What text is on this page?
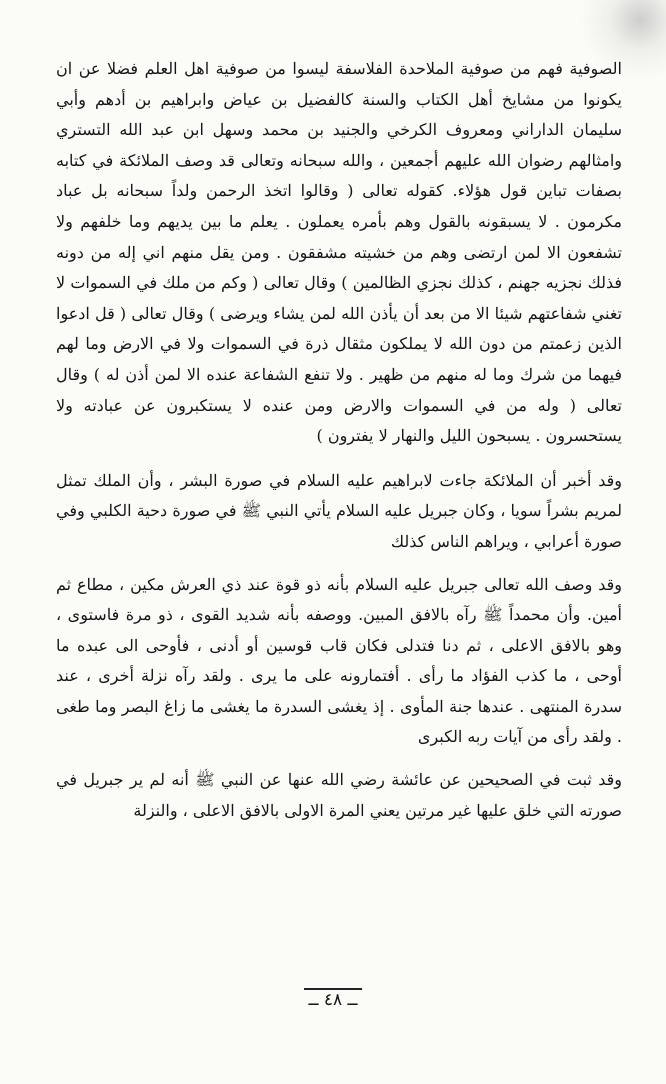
الصوفية فهم من صوفية الملاحدة الفلاسفة ليسوا من صوفية اهل العلم فضلا عن ان يكونوا من مشايخ أهل الكتاب والسنة كالفضيل بن عياض وابراهيم بن أدهم وأبي سليمان الداراني ومعروف الكرخي والجنيد بن محمد وسهل ابن عبد الله التستري وامثالهم رضوان الله عليهم أجمعين ، والله سبحانه وتعالى قد وصف الملائكة في كتابه بصفات تباين قول هؤلاء. كقوله تعالى ( وقالوا اتخذ الرحمن ولداً سبحانه بل عباد مكرمون . لا يسبقونه بالقول وهم بأمره يعملون . يعلم ما بين يديهم وما خلفهم ولا تشفعون الا لمن ارتضى وهم من خشيته مشفقون . ومن يقل منهم اني إله من دونه فذلك نجزيه جهنم ، كذلك نجزي الظالمين ) وقال تعالى ( وكم من ملك في السموات لا تغني شفاعتهم شيئا الا من بعد أن يأذن الله لمن يشاء ويرضى ) وقال تعالى ( قل ادعوا الذين زعمتم من دون الله لا يملكون مثقال ذرة في السموات ولا في الارض وما لهم فيهما من شرك وما له منهم من ظهير . ولا تنفع الشفاعة عنده الا لمن أذن له ) وقال تعالى ( وله من في السموات والارض ومن عنده لا يستكبرون عن عبادته ولا يستحسرون . يسبحون الليل والنهار لا يفترون )

وقد أخبر أن الملائكة جاءت لابراهيم عليه السلام في صورة البشر ، وأن الملك تمثل لمريم بشراً سويا ، وكان جبريل عليه السلام يأتي النبي ﷺ في صورة دحية الكلبي وفي صورة أعرابي ، ويراهم الناس كذلك

وقد وصف الله تعالى جبريل عليه السلام بأنه ذو قوة عند ذي العرش مكين ، مطاع ثم أمين. وأن محمداً ﷺ رآه بالافق المبين. ووصفه بأنه شديد القوى ، ذو مرة فاستوى ، وهو بالافق الاعلى ، ثم دنا فتدلى فكان قاب قوسين أو أدنى ، فأوحى الى عبده ما أوحى ، ما كذب الفؤاد ما رأى . أفتمارونه على ما يرى . ولقد رآه نزلة أخرى ، عند سدرة المنتهى . عندها جنة المأوى . إذ يغشى السدرة ما يغشى ما زاغ البصر وما طغى . ولقد رأى من آيات ربه الكبرى

وقد ثبت في الصحيحين عن عائشة رضي الله عنها عن النبي ﷺ أنه لم ير جبريل في صورته التي خلق عليها غير مرتين يعني المرة الاولى بالافق الاعلى ، والنزلة

ــ ٤٨ ــ
